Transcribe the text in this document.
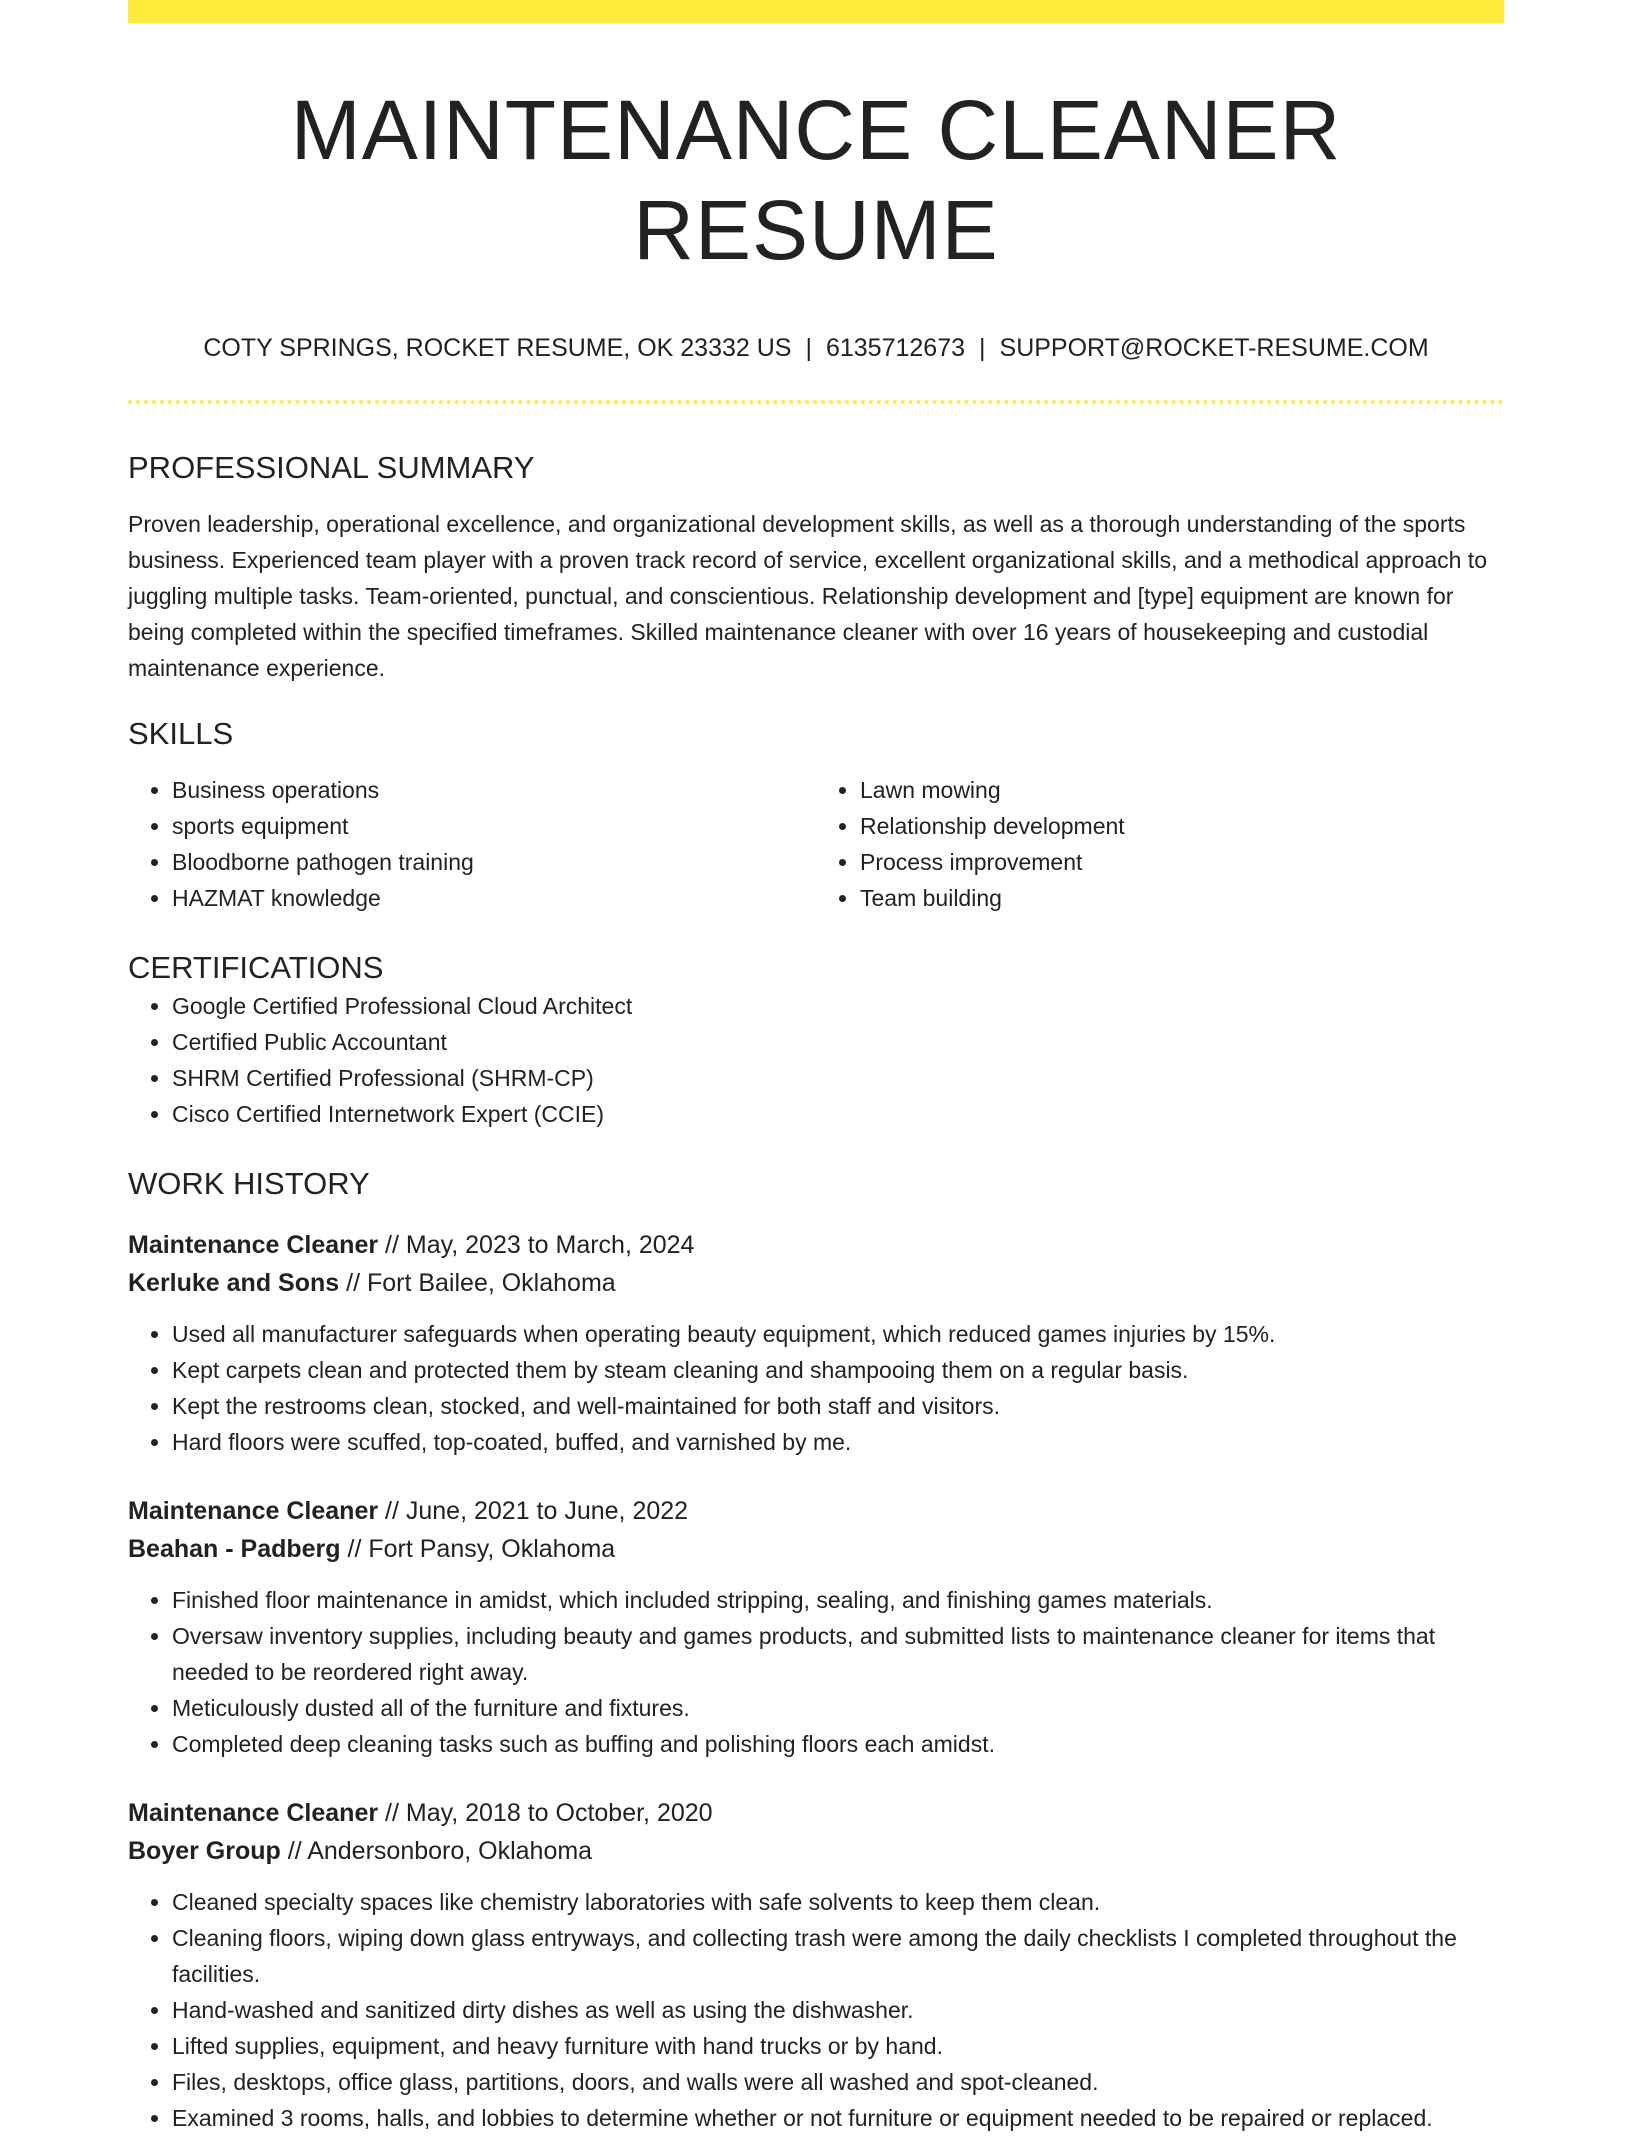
MAINTENANCE CLEANER RESUME
COTY SPRINGS, ROCKET RESUME, OK 23332 US | 6135712673 | SUPPORT@ROCKET-RESUME.COM
PROFESSIONAL SUMMARY

Proven leadership, operational excellence, and organizational development skills, as well as a thorough understanding of the sports business. Experienced team player with a proven track record of service, excellent organizational skills, and a methodical approach to juggling multiple tasks. Team-oriented, punctual, and conscientious. Relationship development and [type] equipment are known for being completed within the specified timeframes. Skilled maintenance cleaner with over 16 years of housekeeping and custodial maintenance experience.

SKILLS
• Business operations
• sports equipment
• Bloodborne pathogen training
• HAZMAT knowledge
• Lawn mowing
• Relationship development
• Process improvement
• Team building
CERTIFICATIONS
• Google Certified Professional Cloud Architect
• Certified Public Accountant
• SHRM Certified Professional (SHRM-CP)
• Cisco Certified Internetwork Expert (CCIE)
WORK HISTORY
Maintenance Cleaner // May, 2023 to March, 2024
Kerluke and Sons // Fort Bailee, Oklahoma
• Used all manufacturer safeguards when operating beauty equipment, which reduced games injuries by 15%.
• Kept carpets clean and protected them by steam cleaning and shampooing them on a regular basis.
• Kept the restrooms clean, stocked, and well-maintained for both staff and visitors.
• Hard floors were scuffed, top-coated, buffed, and varnished by me.
Maintenance Cleaner // June, 2021 to June, 2022
Beahan - Padberg // Fort Pansy, Oklahoma
• Finished floor maintenance in amidst, which included stripping, sealing, and finishing games materials.
• Oversaw inventory supplies, including beauty and games products, and submitted lists to maintenance cleaner for items that needed to be reordered right away.
• Meticulously dusted all of the furniture and fixtures.
• Completed deep cleaning tasks such as buffing and polishing floors each amidst.
Maintenance Cleaner // May, 2018 to October, 2020
Boyer Group // Andersonboro, Oklahoma
• Cleaned specialty spaces like chemistry laboratories with safe solvents to keep them clean.
• Cleaning floors, wiping down glass entryways, and collecting trash were among the daily checklists I completed throughout the facilities.
• Hand-washed and sanitized dirty dishes as well as using the dishwasher.
• Lifted supplies, equipment, and heavy furniture with hand trucks or by hand.
• Files, desktops, office glass, partitions, doors, and walls were all washed and spot-cleaned.
• Examined 3 rooms, halls, and lobbies to determine whether or not furniture or equipment needed to be repaired or replaced.
